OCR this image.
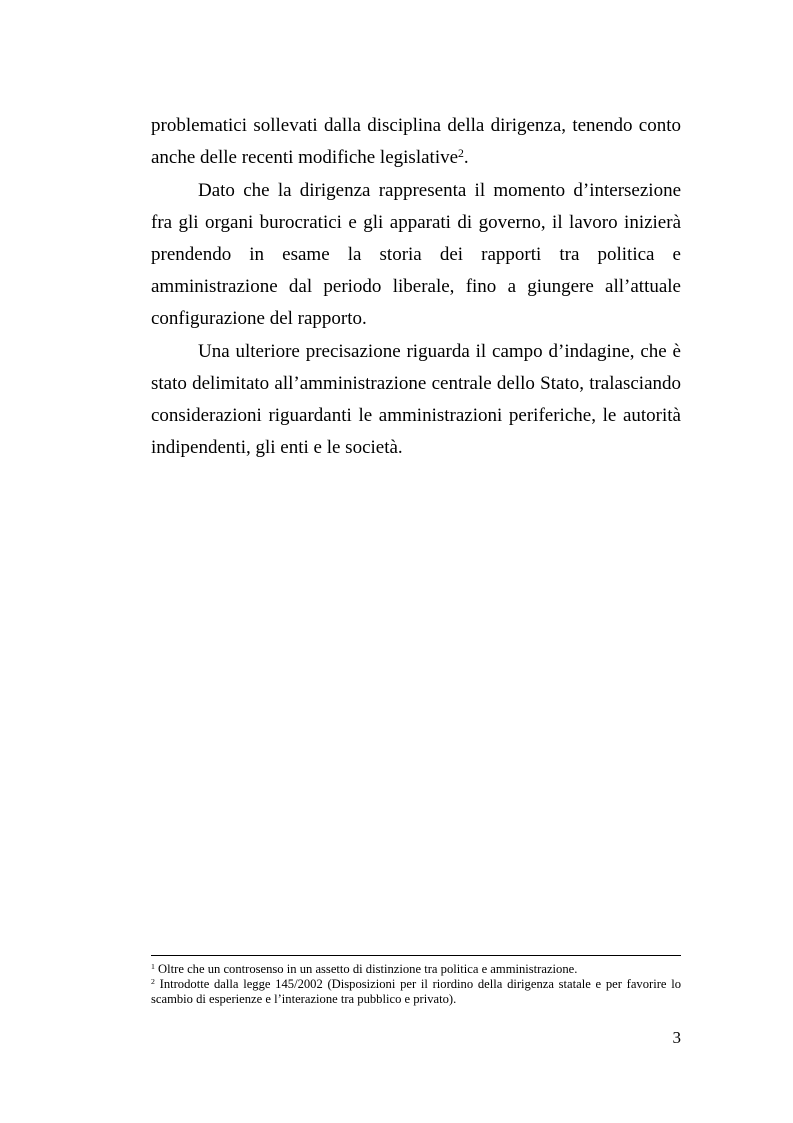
problematici sollevati dalla disciplina della dirigenza, tenendo conto anche delle recenti modifiche legislative$^2$.

Dato che la dirigenza rappresenta il momento d’intersezione fra gli organi burocratici e gli apparati di governo, il lavoro inizierà prendendo in esame la storia dei rapporti tra politica e amministrazione dal periodo liberale, fino a giungere all’attuale configurazione del rapporto.

Una ulteriore precisazione riguarda il campo d’indagine, che è stato delimitato all’amministrazione centrale dello Stato, tralasciando considerazioni riguardanti le amministrazioni periferiche, le autorità indipendenti, gli enti e le società.

$^1$ Oltre che un controsenso in un assetto di distinzione tra politica e amministrazione.

$^2$ Introdotte dalla legge 145/2002 (Disposizioni per il riordino della dirigenza statale e per favorire lo scambio di esperienze e l’interazione tra pubblico e privato).

3
